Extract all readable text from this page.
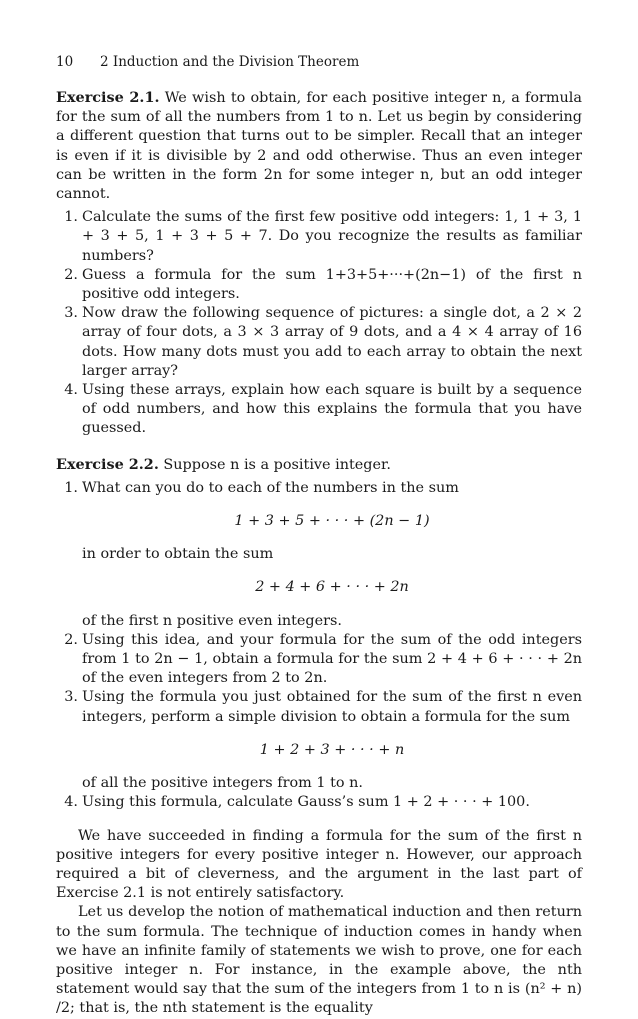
10 2 Induction and the Division Theorem

Exercise 2.1. We wish to obtain, for each positive integer n, a formula for the sum of all the numbers from 1 to n. Let us begin by considering a different question that turns out to be simpler. Recall that an integer is even if it is divisible by 2 and odd otherwise. Thus an even integer can be written in the form 2n for some integer n, but an odd integer cannot.

1. Calculate the sums of the first few positive odd integers: 1, 1 + 3, 1 + 3 + 5, 1 + 3 + 5 + 7. Do you recognize the results as familiar numbers?
2. Guess a formula for the sum 1+3+5+···+(2n−1) of the first n positive odd integers.
3. Now draw the following sequence of pictures: a single dot, a 2 × 2 array of four dots, a 3 × 3 array of 9 dots, and a 4 × 4 array of 16 dots. How many dots must you add to each array to obtain the next larger array?
4. Using these arrays, explain how each square is built by a sequence of odd numbers, and how this explains the formula that you have guessed.

Exercise 2.2. Suppose n is a positive integer.

1. What can you do to each of the numbers in the sum
1 + 3 + 5 + · · · + (2n − 1)
in order to obtain the sum
2 + 4 + 6 + · · · + 2n
of the first n positive even integers.
2. Using this idea, and your formula for the sum of the odd integers from 1 to 2n − 1, obtain a formula for the sum 2 + 4 + 6 + · · · + 2n of the even integers from 2 to 2n.
3. Using the formula you just obtained for the sum of the first n even integers, perform a simple division to obtain a formula for the sum
1 + 2 + 3 + · · · + n
of all the positive integers from 1 to n.
4. Using this formula, calculate Gauss’s sum 1 + 2 + · · · + 100.

We have succeeded in finding a formula for the sum of the first n positive integers for every positive integer n. However, our approach required a bit of cleverness, and the argument in the last part of Exercise 2.1 is not entirely satisfactory.

Let us develop the notion of mathematical induction and then return to the sum formula. The technique of induction comes in handy when we have an infinite family of statements we wish to prove, one for each positive integer n. For instance, in the example above, the nth statement would say that the sum of the integers from 1 to n is (n² + n) /2; that is, the nth statement is the equality
